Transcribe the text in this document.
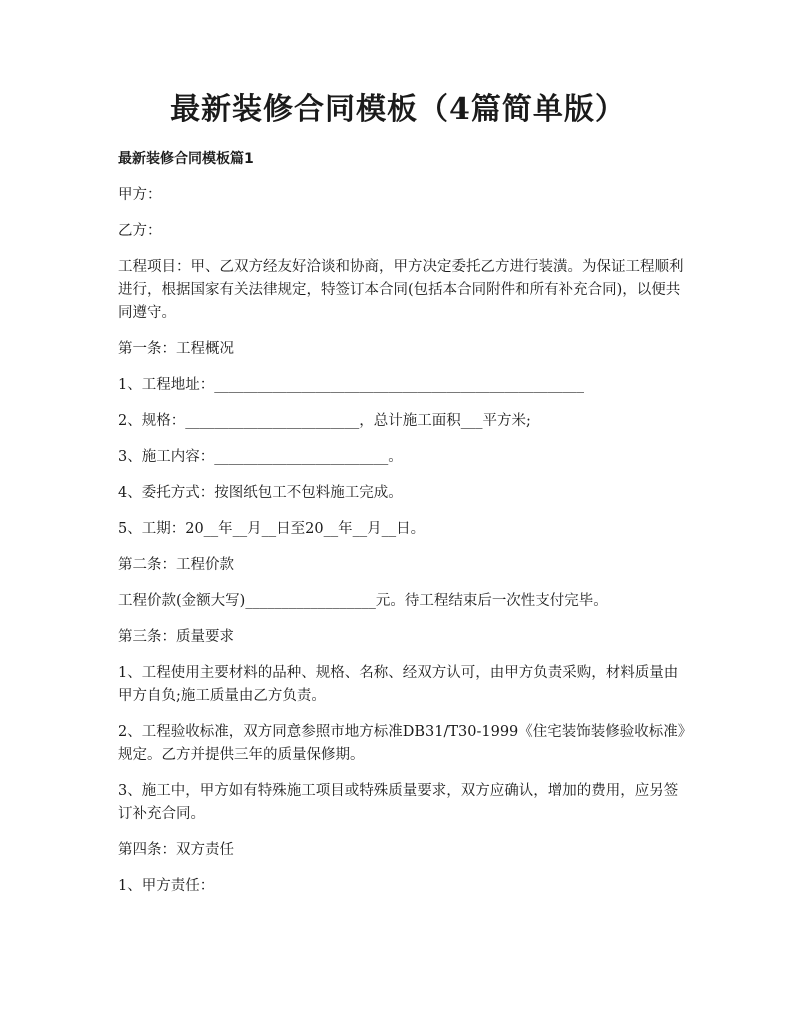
最新装修合同模板（4篇简单版）

最新装修合同模板篇1

甲方：

乙方：

工程项目：甲、乙双方经友好洽谈和协商，甲方决定委托乙方进行装潢。为保证工程顺利进行，根据国家有关法律规定，特签订本合同(包括本合同附件和所有补充合同)，以便共同遵守。

第一条：工程概况

1、工程地址：___________________________________________________

2、规格：________________________，总计施工面积___平方米;

3、施工内容：________________________。

4、委托方式：按图纸包工不包料施工完成。

5、工期：20__年__月__日至20__年__月__日。

第二条：工程价款

工程价款(金额大写)__________________元。待工程结束后一次性支付完毕。

第三条：质量要求

1、工程使用主要材料的品种、规格、名称、经双方认可，由甲方负责采购，材料质量由甲方自负;施工质量由乙方负责。

2、工程验收标准，双方同意参照市地方标准DB31/T30-1999《住宅装饰装修验收标准》规定。乙方并提供三年的质量保修期。

3、施工中，甲方如有特殊施工项目或特殊质量要求，双方应确认，增加的费用，应另签订补充合同。

第四条：双方责任

1、甲方责任：
